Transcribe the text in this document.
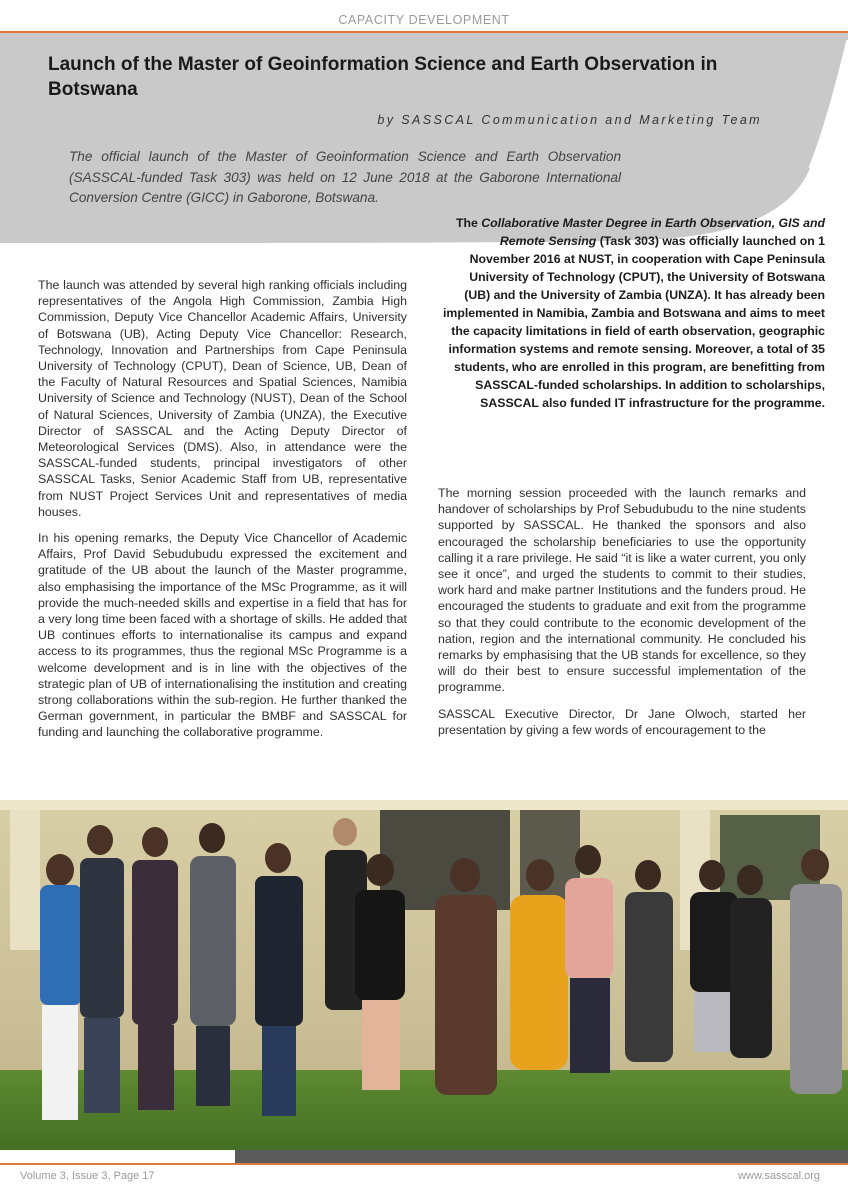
CAPACITY DEVELOPMENT
Launch of the Master of Geoinformation Science and Earth Observation in Botswana
by SASSCAL Communication and Marketing Team

The official launch of the Master of Geoinformation Science and Earth Observation (SASSCAL-funded Task 303) was held on 12 June 2018 at the Gaborone International Conversion Centre (GICC) in Gaborone, Botswana.

The Collaborative Master Degree in Earth Observation, GIS and Remote Sensing (Task 303) was officially launched on 1 November 2016 at NUST, in cooperation with Cape Peninsula University of Technology (CPUT), the University of Botswana (UB) and the University of Zambia (UNZA). It has already been implemented in Namibia, Zambia and Botswana and aims to meet the capacity limitations in field of earth observation, geographic information systems and remote sensing. Moreover, a total of 35 students, who are enrolled in this program, are benefitting from SASSCAL-funded scholarships. In addition to scholarships, SASSCAL also funded IT infrastructure for the programme.

The launch was attended by several high ranking officials including representatives of the Angola High Commission, Zambia High Commission, Deputy Vice Chancellor Academic Affairs, University of Botswana (UB), Acting Deputy Vice Chancellor: Research, Technology, Innovation and Partnerships from Cape Peninsula University of Technology (CPUT), Dean of Science, UB, Dean of the Faculty of Natural Resources and Spatial Sciences, Namibia University of Science and Technology (NUST), Dean of the School of Natural Sciences, University of Zambia (UNZA), the Executive Director of SASSCAL and the Acting Deputy Director of Meteorological Services (DMS). Also, in attendance were the SASSCAL-funded students, principal investigators of other SASSCAL Tasks, Senior Academic Staff from UB, representative from NUST Project Services Unit and representatives of media houses.

In his opening remarks, the Deputy Vice Chancellor of Academic Affairs, Prof David Sebudubudu expressed the excitement and gratitude of the UB about the launch of the Master programme, also emphasising the importance of the MSc Programme, as it will provide the much-needed skills and expertise in a field that has for a very long time been faced with a shortage of skills. He added that UB continues efforts to internationalise its campus and expand access to its programmes, thus the regional MSc Programme is a welcome development and is in line with the objectives of the strategic plan of UB of internationalising the institution and creating strong collaborations within the sub-region. He further thanked the German government, in particular the BMBF and SASSCAL for funding and launching the collaborative programme.

The morning session proceeded with the launch remarks and handover of scholarships by Prof Sebudubudu to the nine students supported by SASSCAL. He thanked the sponsors and also encouraged the scholarship beneficiaries to use the opportunity calling it a rare privilege. He said “it is like a water current, you only see it once”, and urged the students to commit to their studies, work hard and make partner Institutions and the funders proud. He encouraged the students to graduate and exit from the programme so that they could contribute to the economic development of the nation, region and the international community. He concluded his remarks by emphasising that the UB stands for excellence, so they will do their best to ensure successful implementation of the programme.

SASSCAL Executive Director, Dr Jane Olwoch, started her presentation by giving a few words of encouragement to the

Volume 3, Issue 3, Page 17	www.sasscal.org
